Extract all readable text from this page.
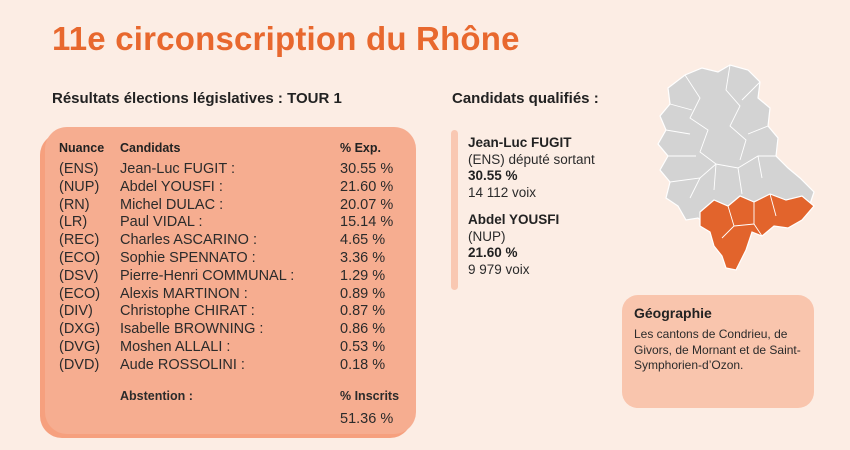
11e circonscription du Rhône
Résultats élections législatives : TOUR 1	Candidats qualifiés :
Nuance Candidats	% Exp.
(ENS) Jean-Luc FUGIT :	30.55 %
(NUP) Abdel YOUSFI :	21.60 %
(RN) Michel DULAC :	20.07 %
(LR) Paul VIDAL :	15.14 %
(REC) Charles ASCARINO :	4.65 %
(ECO) Sophie SPENNATO :	3.36 %
(DSV) Pierre-Henri COMMUNAL :	1.29 %
(ECO) Alexis MARTINON :	0.89 %
(DIV) Christophe CHIRAT :	0.87 %
(DXG) Isabelle BROWNING :	0.86 %
(DVG) Moshen ALLALI :	0.53 %
(DVD) Aude ROSSOLINI :	0.18 %
Abstention :	% Inscrits
51.36 %
Jean-Luc FUGIT
(ENS) député sortant
30.55 %
14 112 voix
Abdel YOUSFI
(NUP)
21.60 %
9 979 voix
Géographie
Les cantons de Condrieu, de Givors, de Mornant et de Saint-Symphorien-d’Ozon.
